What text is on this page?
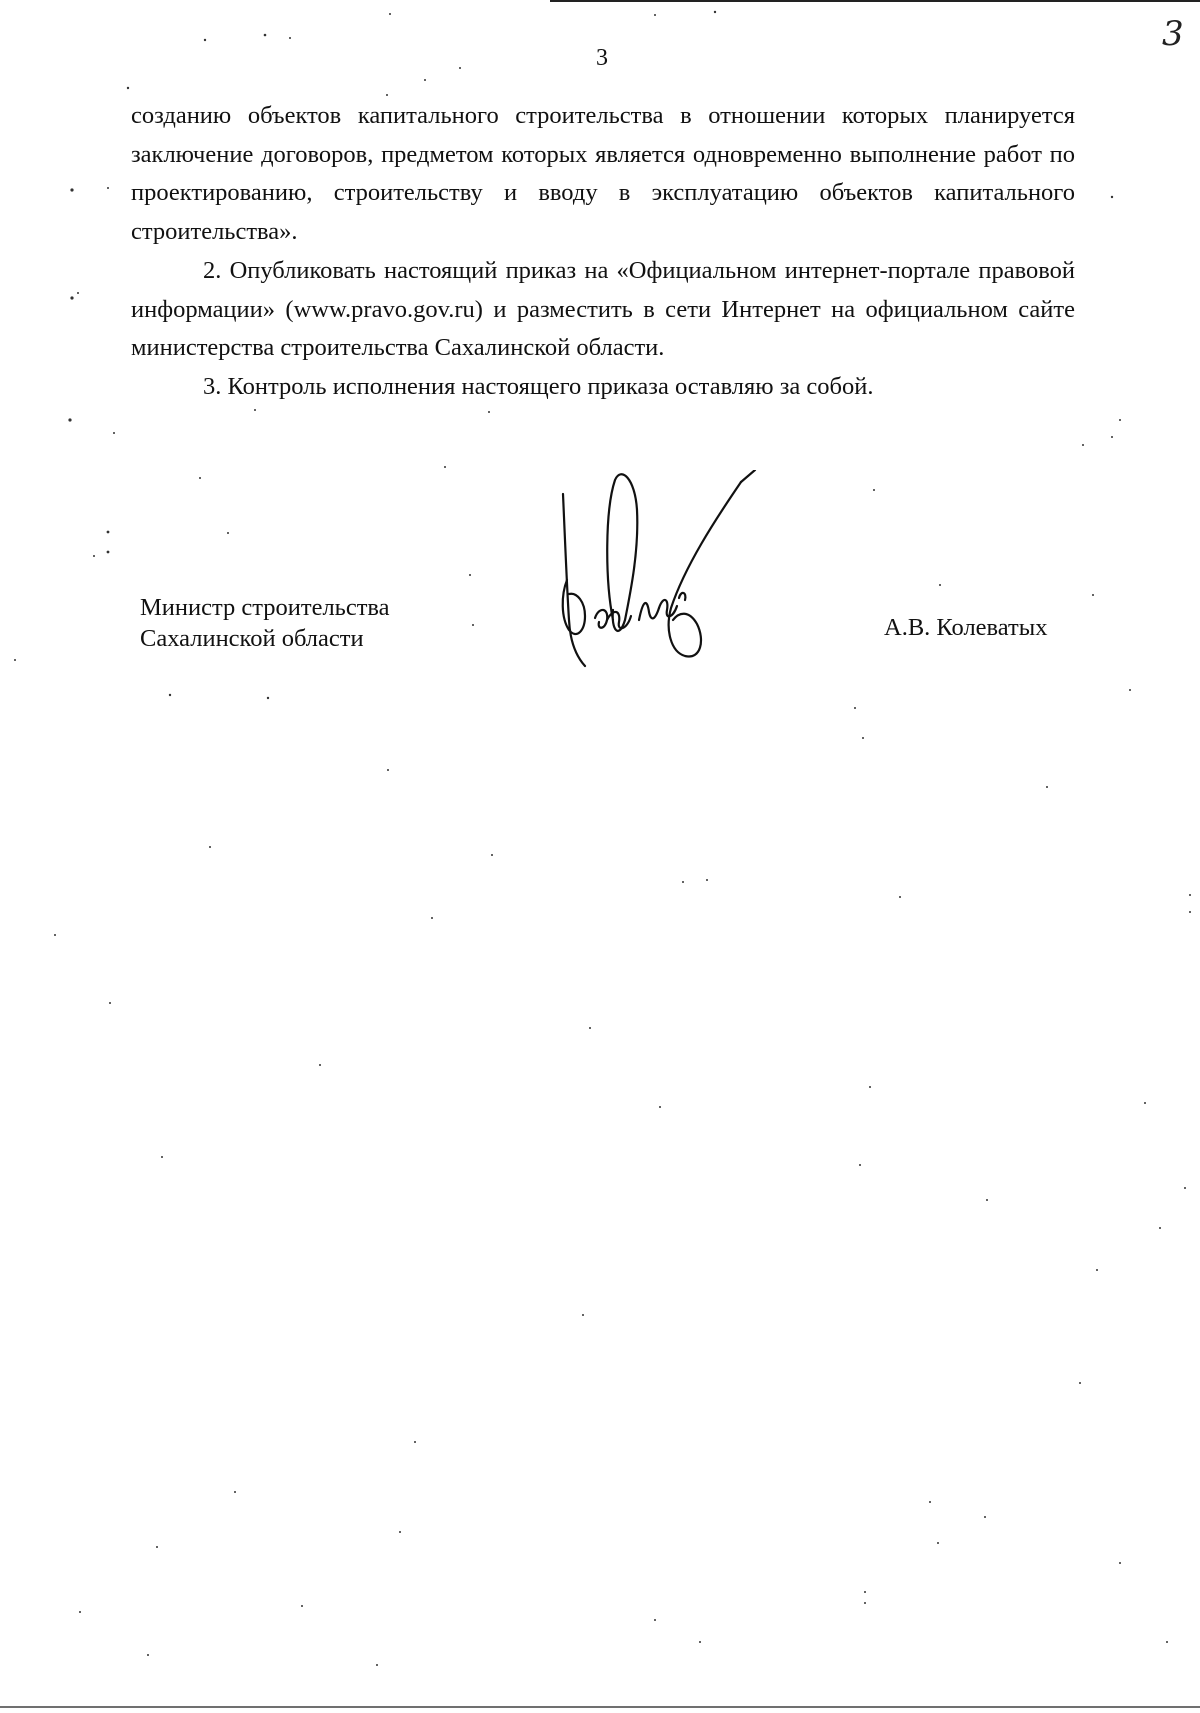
3
3
созданию объектов капитального строительства в отношении которых планируется заключение договоров, предметом которых является одновременно выполнение работ по проектированию, строительству и вводу в эксплуатацию объектов капитального строительства».

2. Опубликовать настоящий приказ на «Официальном интернет-портале правовой информации» (www.pravo.gov.ru) и разместить в сети Интернет на официальном сайте министерства строительства Сахалинской области.

3. Контроль исполнения настоящего приказа оставляю за собой.

Министр строительства
Сахалинской области	А.В. Колеватых
